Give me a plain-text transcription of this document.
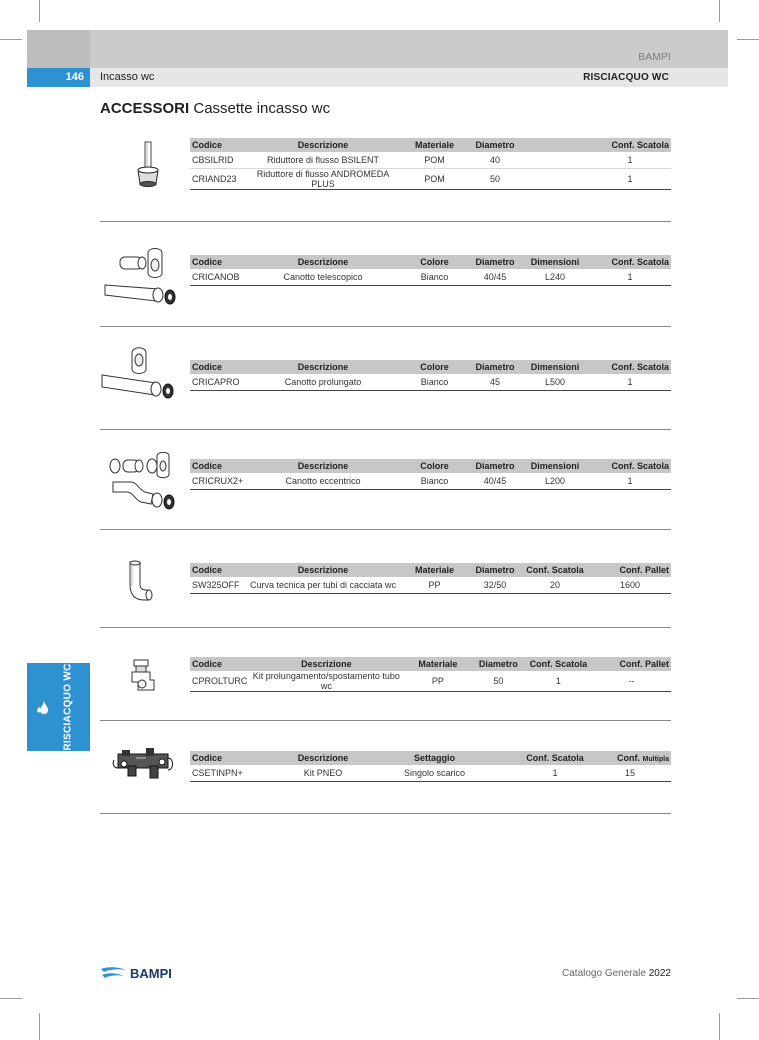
BAMPI
146	Incasso wc	RISCIACQUO WC
ACCESSORI Cassette incasso wc
RISCIACQUO WC
Codice	Descrizione	Materiale	Diametro		Conf. Scatola
CBSILRID	Riduttore di flusso BSILENT	POM	40		1
CRIAND23	Riduttore di flusso ANDROMEDA PLUS	POM	50		1
Codice	Descrizione	Colore	Diametro	Dimensioni	Conf. Scatola
CRICANOB	Canotto telescopico	Bianco	40/45	L240	1
Codice	Descrizione	Colore	Diametro	Dimensioni	Conf. Scatola
CRICAPRO	Canotto prolungato	Bianco	45	L500	1
Codice	Descrizione	Colore	Diametro	Dimensioni	Conf. Scatola
CRICRUX2+	Canotto eccentrico	Bianco	40/45	L200	1
Codice	Descrizione	Materiale	Diametro	Conf. Scatola	Conf. Pallet
SW325OFF	Curva tecnica per tubi di cacciata wc	PP	32/50	20	1600
Codice	Descrizione	Materiale	Diametro	Conf. Scatola	Conf. Pallet
CPROLTURC	Kit prolungamento/spostamento tubo wc	PP	50	1	--
Codice	Descrizione	Settaggio		Conf. Scatola	Conf. Multipla
CSETINPN+	Kit PNEO	Singolo scarico		1	15
BAMPI	Catalogo Generale 2022
